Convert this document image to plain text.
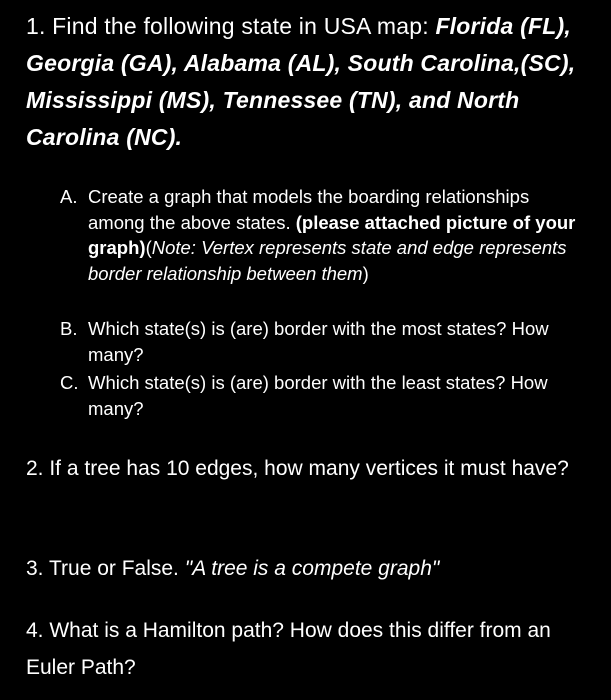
1. Find the following state in USA map: Florida (FL), Georgia (GA), Alabama (AL), South Carolina,(SC), Mississippi (MS), Tennessee (TN), and North Carolina (NC).
A. Create a graph that models the boarding relationships among the above states. (please attached picture of your graph)(Note: Vertex represents state and edge represents border relationship between them)
B. Which state(s) is (are) border with the most states? How many?
C. Which state(s) is (are) border with the least states? How many?
2. If a tree has 10 edges, how many vertices it must have?
3. True or False. "A tree is a compete graph"
4. What is a Hamilton path? How does this differ from an Euler Path?
